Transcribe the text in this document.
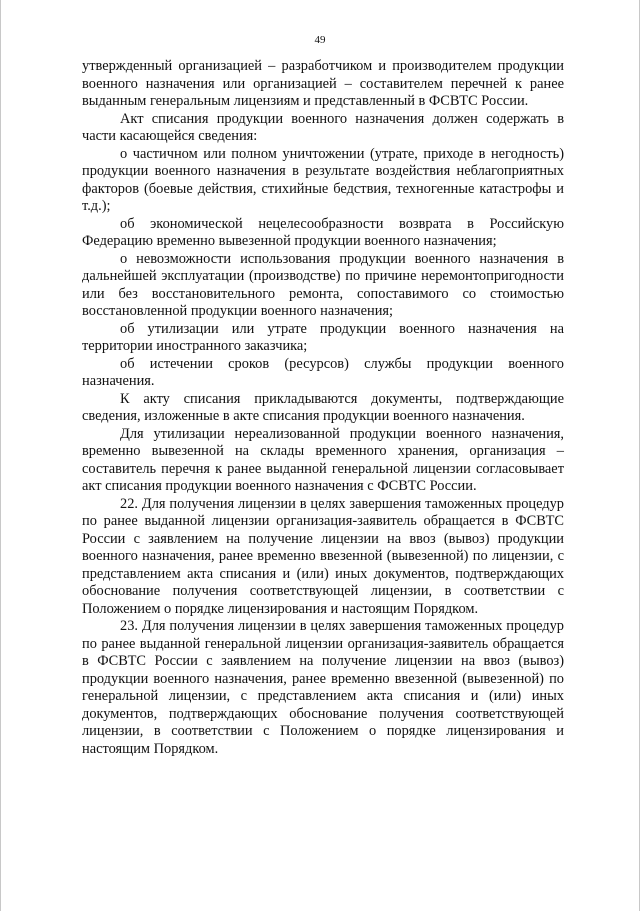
49

утвержденный организацией – разработчиком и производителем продукции военного назначения или организацией – составителем перечней к ранее выданным генеральным лицензиям и представленный в ФСВТС России.

Акт списания продукции военного назначения должен содержать в части касающейся сведения:

о частичном или полном уничтожении (утрате, приходе в негодность) продукции военного назначения в результате воздействия неблагоприятных факторов (боевые действия, стихийные бедствия, техногенные катастрофы и т.д.);

об экономической нецелесообразности возврата в Российскую Федерацию временно вывезенной продукции военного назначения;

о невозможности использования продукции военного назначения в дальнейшей эксплуатации (производстве) по причине неремонтопригодности или без восстановительного ремонта, сопоставимого со стоимостью восстановленной продукции военного назначения;

об утилизации или утрате продукции военного назначения на территории иностранного заказчика;

об истечении сроков (ресурсов) службы продукции военного назначения.

К акту списания прикладываются документы, подтверждающие сведения, изложенные в акте списания продукции военного назначения.

Для утилизации нереализованной продукции военного назначения, временно вывезенной на склады временного хранения, организация – составитель перечня к ранее выданной генеральной лицензии согласовывает акт списания продукции военного назначения с ФСВТС России.

22. Для получения лицензии в целях завершения таможенных процедур по ранее выданной лицензии организация-заявитель обращается в ФСВТС России с заявлением на получение лицензии на ввоз (вывоз) продукции военного назначения, ранее временно ввезенной (вывезенной) по лицензии, с представлением акта списания и (или) иных документов, подтверждающих обоснование получения соответствующей лицензии, в соответствии с Положением о порядке лицензирования и настоящим Порядком.

23. Для получения лицензии в целях завершения таможенных процедур по ранее выданной генеральной лицензии организация-заявитель обращается в ФСВТС России с заявлением на получение лицензии на ввоз (вывоз) продукции военного назначения, ранее временно ввезенной (вывезенной) по генеральной лицензии, с представлением акта списания и (или) иных документов, подтверждающих обоснование получения соответствующей лицензии, в соответствии с Положением о порядке лицензирования и настоящим Порядком.
